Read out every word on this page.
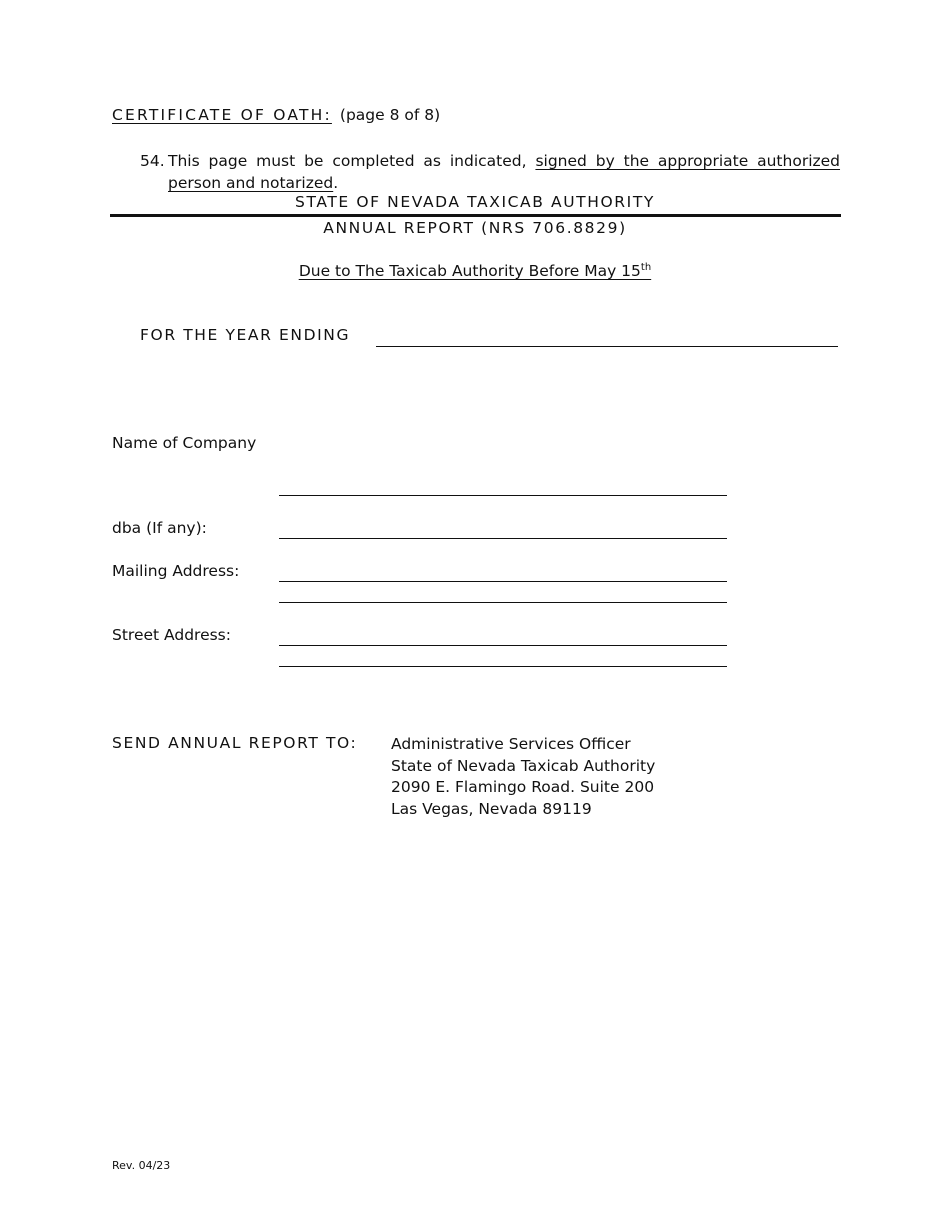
CERTIFICATE OF OATH: (page 8 of 8)
54. This page must be completed as indicated, signed by the appropriate authorized person and notarized.
STATE OF NEVADA TAXICAB AUTHORITY
ANNUAL REPORT (NRS 706.8829)
Due to The Taxicab Authority Before May 15th
FOR THE YEAR ENDING
Name of Company
dba (If any):
Mailing Address:
Street Address:
SEND ANNUAL REPORT TO: Administrative Services Officer
State of Nevada Taxicab Authority
2090 E. Flamingo Road. Suite 200
Las Vegas, Nevada 89119
Rev. 04/23
